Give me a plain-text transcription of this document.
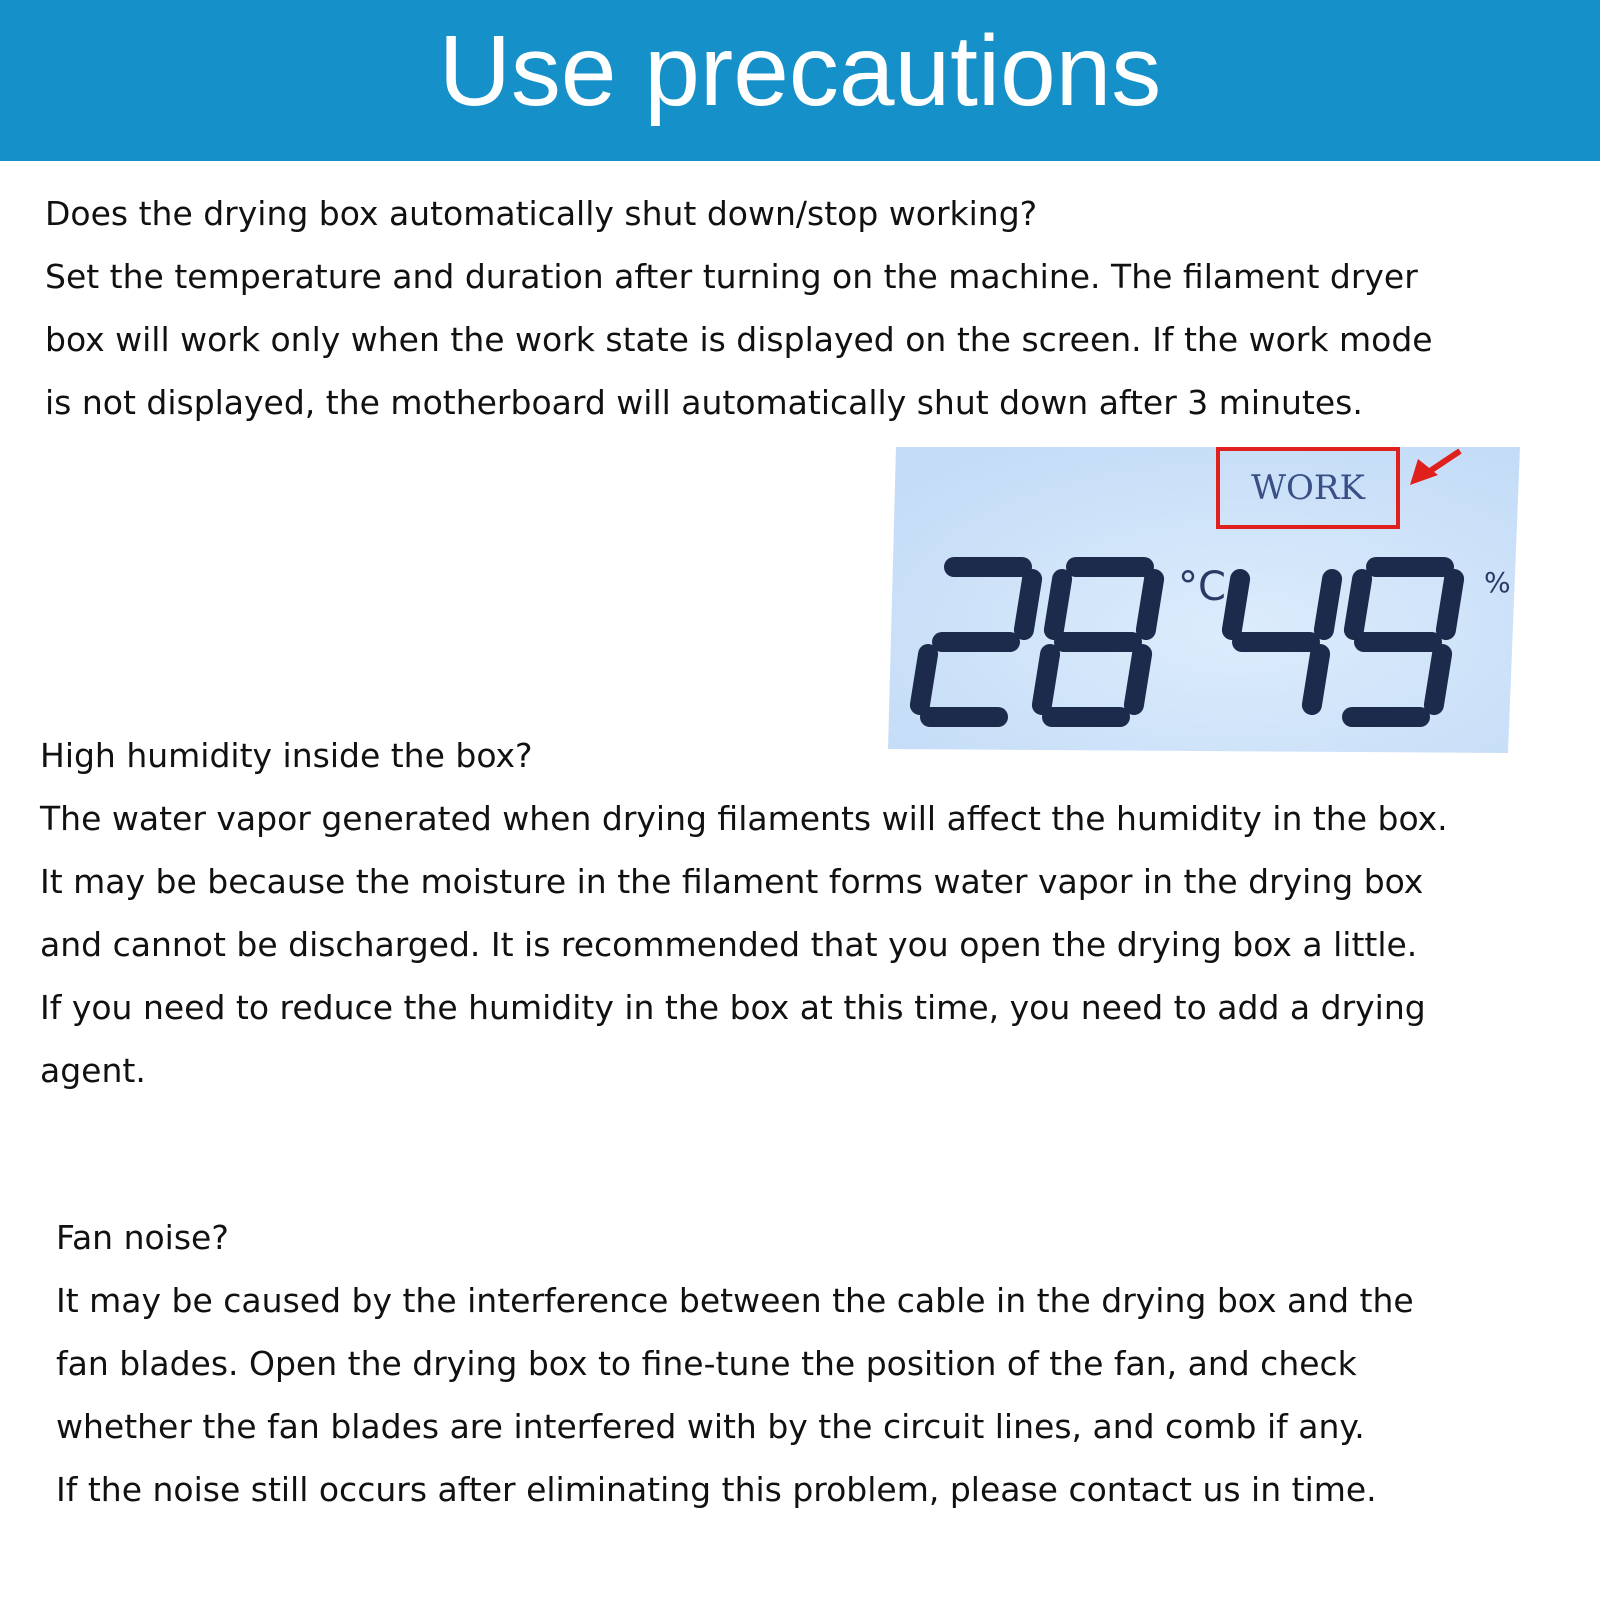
Use precautions

Does the drying box automatically shut down/stop working?

Set the temperature and duration after turning on the machine. The filament dryer

box will work only when the work state is displayed on the screen. If the work mode

is not displayed, the motherboard will automatically shut down after 3 minutes.

WORK
°C	%

High humidity inside the box?

The water vapor generated when drying filaments will affect the humidity in the box.

It may be because the moisture in the filament forms water vapor in the drying box

and cannot be discharged. It is recommended that you open the drying box a little.

If you need to reduce the humidity in the box at this time, you need to add a drying

agent.

Fan noise?

It may be caused by the interference between the cable in the drying box and the

fan blades. Open the drying box to fine-tune the position of the fan, and check

whether the fan blades are interfered with by the circuit lines, and comb if any.

If the noise still occurs after eliminating this problem, please contact us in time.
